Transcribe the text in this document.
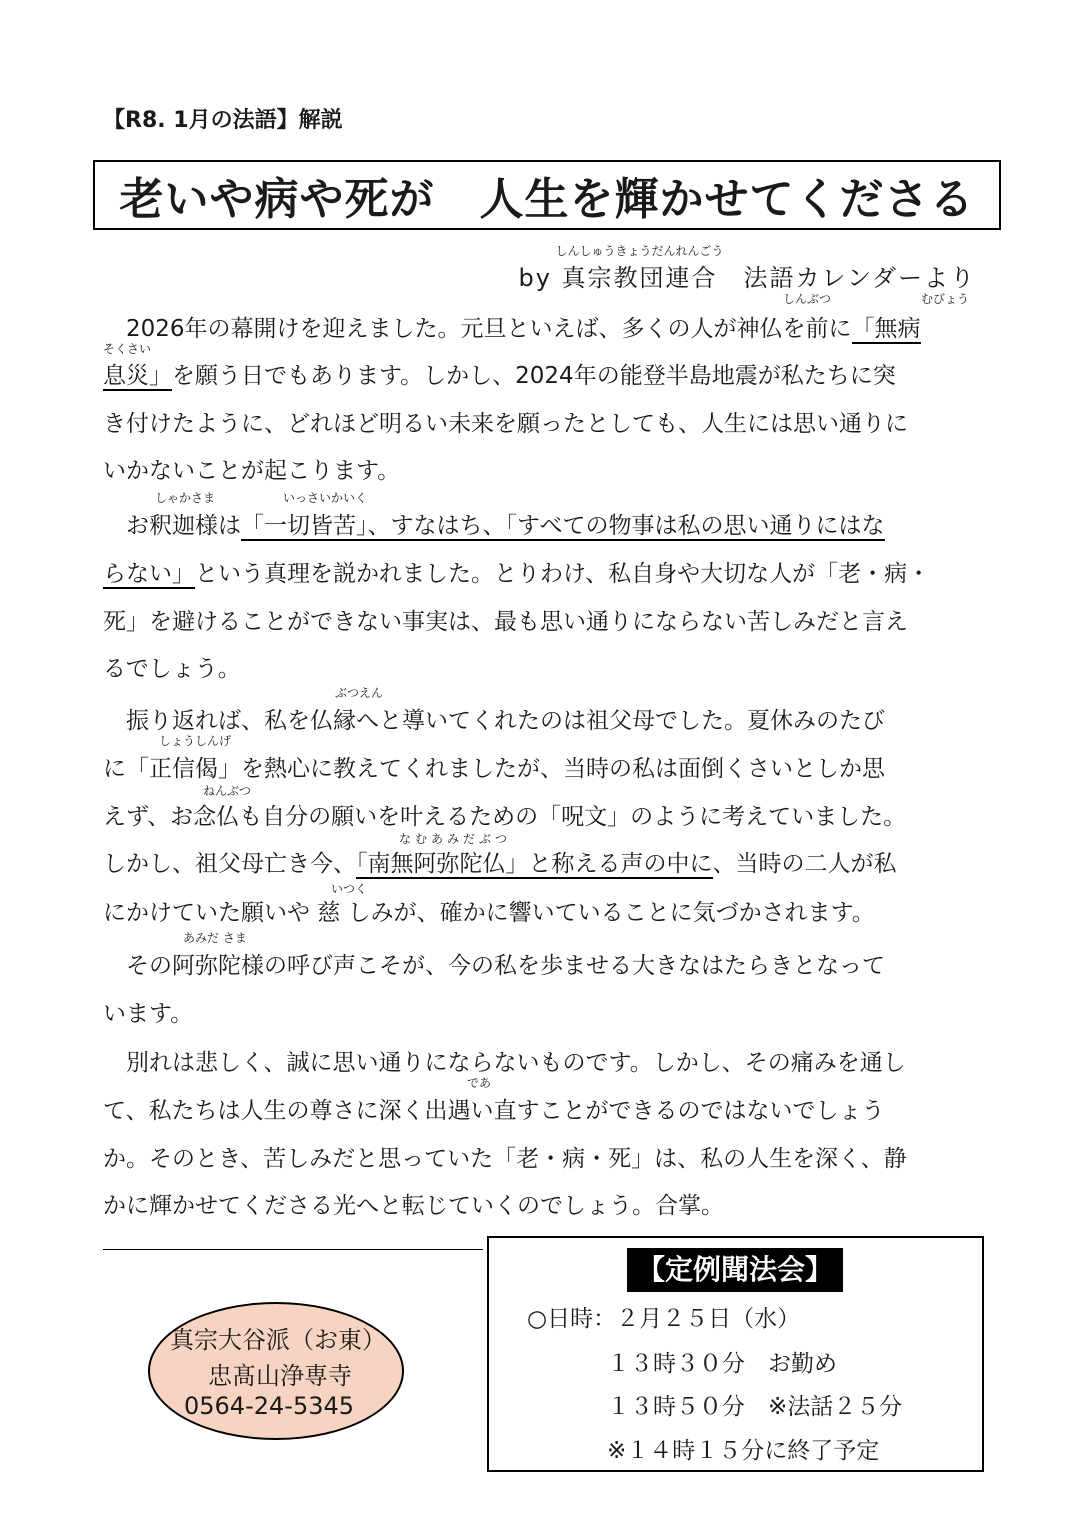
【R8. 1月の法語】解説
老いや病や死が　人生を輝かせてくださる
by
しんしゅうきょうだんれんごう
真宗教団連合　法語カレンダーより
しんぶつ	むびょう
　2026年の幕開けを迎えました。元旦といえば、多くの人が神仏を前に「無病
そくさい
息災」を願う日でもあります。しかし、2024年の能登半島地震が私たちに突
き付けたように、どれほど明るい未来を願ったとしても、人生には思い通りに
いかないことが起こります。
しゃかさま	いっさいかいく
　お釈迦様は「一切皆苦」、すなはち、「すべての物事は私の思い通りにはな
らない」という真理を説かれました。とりわけ、私自身や大切な人が「老・病・
死」を避けることができない事実は、最も思い通りにならない苦しみだと言え
るでしょう。
ぶつえん
　振り返れば、私を仏縁へと導いてくれたのは祖父母でした。夏休みのたび
しょうしんげ
に「正信偈」を熱心に教えてくれましたが、当時の私は面倒くさいとしか思
ねんぶつ
えず、お念仏も自分の願いを叶えるための「呪文」のように考えていました。
なむあみだぶつ
しかし、祖父母亡き今、「南無阿弥陀仏」と称える声の中に、当時の二人が私
いつく
にかけていた願いや 慈 しみが、確かに響いていることに気づかされます。
あみだ さま
　その阿弥陀様の呼び声こそが、今の私を歩ませる大きなはたらきとなって
います。
　別れは悲しく、誠に思い通りにならないものです。しかし、その痛みを通し
であ
て、私たちは人生の尊さに深く出遇い直すことができるのではないでしょう
か。そのとき、苦しみだと思っていた「老・病・死」は、私の人生を深く、静
かに輝かせてくださる光へと転じていくのでしょう。合掌。
真宗大谷派（お東）
忠髙山浄専寺
0564-24-5345
【定例聞法会】
○日時：２月２５日（水）
１３時３０分　お勤め
１３時５０分　※法話２５分
※１４時１５分に終了予定
